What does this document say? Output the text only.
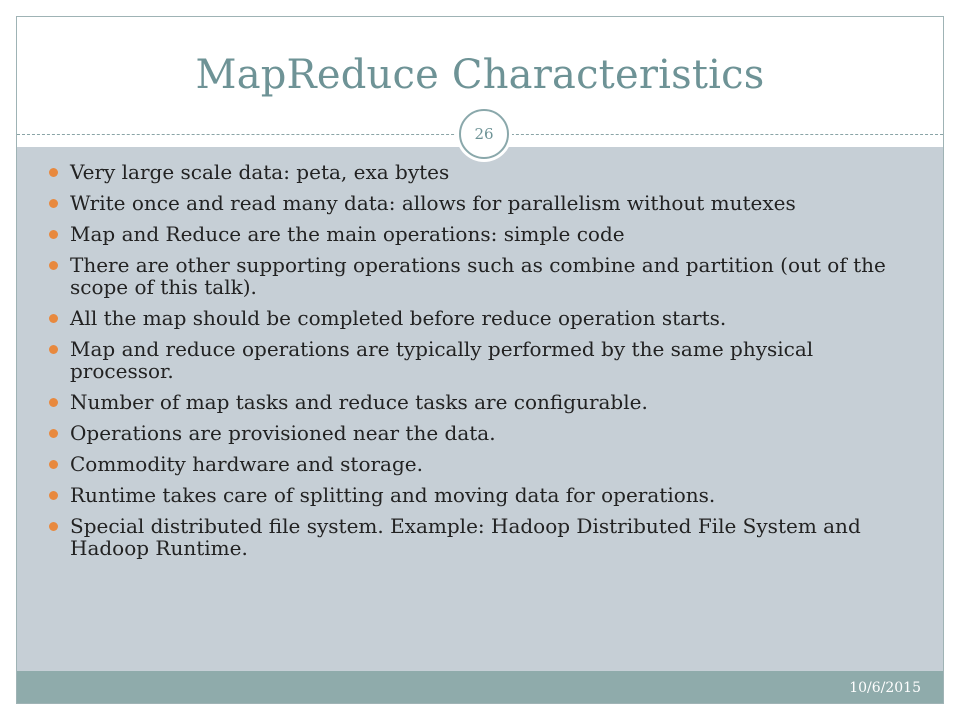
MapReduce Characteristics
26
Very large scale data: peta, exa bytes
Write once and read many data: allows for parallelism without mutexes
Map and Reduce are the main operations: simple code
There are other supporting operations such as combine and partition (out of the scope of this talk).
All the map should be completed before reduce operation starts.
Map and reduce operations are typically performed by the same physical processor.
Number of map tasks and reduce tasks are configurable.
Operations are provisioned near the data.
Commodity hardware and storage.
Runtime takes care of splitting and moving data for operations.
Special distributed file system. Example: Hadoop Distributed File System and Hadoop Runtime.
10/6/2015
